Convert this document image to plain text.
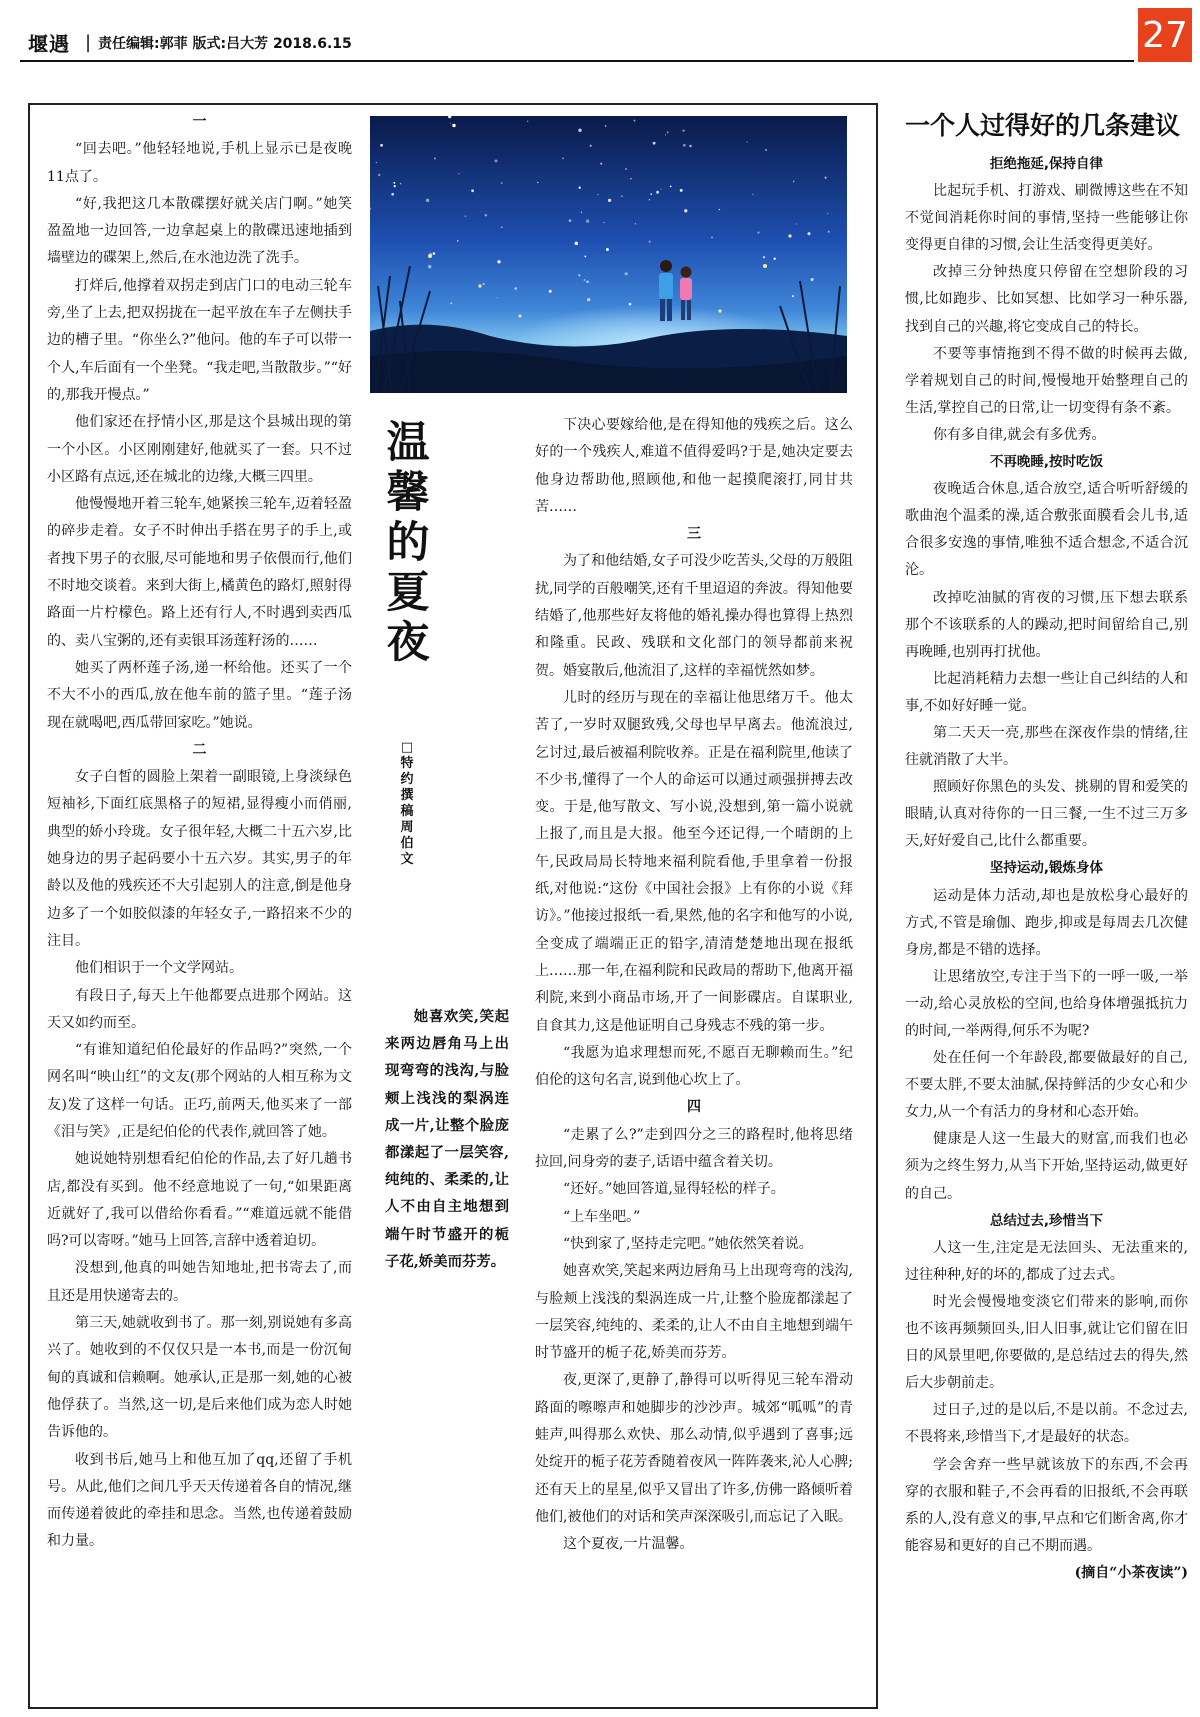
堰遇 | 责任编辑:郭菲 版式:吕大芳 2018.6.15	27

一

“回去吧。”他轻轻地说,手机上显示已是夜晚11点了。

“好,我把这几本散碟摆好就关店门啊。”她笑盈盈地一边回答,一边拿起桌上的散碟迅速地插到墙壁边的碟架上,然后,在水池边洗了洗手。

打烊后,他撑着双拐走到店门口的电动三轮车旁,坐了上去,把双拐拢在一起平放在车子左侧扶手边的槽子里。“你坐么?”他问。他的车子可以带一个人,车后面有一个坐凳。“我走吧,当散散步。”“好的,那我开慢点。”

他们家还在抒情小区,那是这个县城出现的第一个小区。小区刚刚建好,他就买了一套。只不过小区路有点远,还在城北的边缘,大概三四里。

他慢慢地开着三轮车,她紧挨三轮车,迈着轻盈的碎步走着。女子不时伸出手搭在男子的手上,或者拽下男子的衣服,尽可能地和男子依偎而行,他们不时地交谈着。来到大街上,橘黄色的路灯,照射得路面一片柠檬色。路上还有行人,不时遇到卖西瓜的、卖八宝粥的,还有卖银耳汤莲籽汤的……

她买了两杯莲子汤,递一杯给他。还买了一个不大不小的西瓜,放在他车前的篮子里。“莲子汤现在就喝吧,西瓜带回家吃。”她说。

二

女子白皙的圆脸上架着一副眼镜,上身淡绿色短袖衫,下面红底黑格子的短裙,显得瘦小而俏丽,典型的娇小玲珑。女子很年轻,大概二十五六岁,比她身边的男子起码要小十五六岁。其实,男子的年龄以及他的残疾还不大引起别人的注意,倒是他身边多了一个如胶似漆的年轻女子,一路招来不少的注目。

他们相识于一个文学网站。

有段日子,每天上午他都要点进那个网站。这天又如约而至。

“有谁知道纪伯伦最好的作品吗?”突然,一个网名叫“映山红”的文友(那个网站的人相互称为文友)发了这样一句话。正巧,前两天,他买来了一部《泪与笑》,正是纪伯伦的代表作,就回答了她。

她说她特别想看纪伯伦的作品,去了好几趟书店,都没有买到。他不经意地说了一句,“如果距离近就好了,我可以借给你看看。”“难道远就不能借吗?可以寄呀。”她马上回答,言辞中透着迫切。

没想到,他真的叫她告知地址,把书寄去了,而且还是用快递寄去的。

第三天,她就收到书了。那一刻,别说她有多高兴了。她收到的不仅仅只是一本书,而是一份沉甸甸的真诚和信赖啊。她承认,正是那一刻,她的心被他俘获了。当然,这一切,是后来他们成为恋人时她告诉他的。

收到书后,她马上和他互加了qq,还留了手机号。从此,他们之间几乎天天传递着各自的情况,继而传递着彼此的牵挂和思念。当然,也传递着鼓励和力量。

温馨的夏夜
□特约撰稿 周伯文

她喜欢笑,笑起来两边唇角马上出现弯弯的浅沟,与脸颊上浅浅的梨涡连成一片,让整个脸庞都漾起了一层笑容,纯纯的、柔柔的,让人不由自主地想到端午时节盛开的栀子花,娇美而芬芳。

下决心要嫁给他,是在得知他的残疾之后。这么好的一个残疾人,难道不值得爱吗?于是,她决定要去他身边帮助他,照顾他,和他一起摸爬滚打,同甘共苦……

三

为了和他结婚,女子可没少吃苦头,父母的万般阻扰,同学的百般嘲笑,还有千里迢迢的奔波。得知他要结婚了,他那些好友将他的婚礼操办得也算得上热烈和隆重。民政、残联和文化部门的领导都前来祝贺。婚宴散后,他流泪了,这样的幸福恍然如梦。

儿时的经历与现在的幸福让他思绪万千。他太苦了,一岁时双腿致残,父母也早早离去。他流浪过,乞讨过,最后被福利院收养。正是在福利院里,他读了不少书,懂得了一个人的命运可以通过顽强拼搏去改变。于是,他写散文、写小说,没想到,第一篇小说就上报了,而且是大报。他至今还记得,一个晴朗的上午,民政局局长特地来福利院看他,手里拿着一份报纸,对他说:“这份《中国社会报》上有你的小说《拜访》。”他接过报纸一看,果然,他的名字和他写的小说,全变成了端端正正的铅字,清清楚楚地出现在报纸上……那一年,在福利院和民政局的帮助下,他离开福利院,来到小商品市场,开了一间影碟店。自谋职业,自食其力,这是他证明自己身残志不残的第一步。

“我愿为追求理想而死,不愿百无聊赖而生。”纪伯伦的这句名言,说到他心坎上了。

四

“走累了么?”走到四分之三的路程时,他将思绪拉回,问身旁的妻子,话语中蕴含着关切。

“还好。”她回答道,显得轻松的样子。

“上车坐吧。”

“快到家了,坚持走完吧。”她依然笑着说。

她喜欢笑,笑起来两边唇角马上出现弯弯的浅沟,与脸颊上浅浅的梨涡连成一片,让整个脸庞都漾起了一层笑容,纯纯的、柔柔的,让人不由自主地想到端午时节盛开的栀子花,娇美而芬芳。

夜,更深了,更静了,静得可以听得见三轮车滑动路面的嚓嚓声和她脚步的沙沙声。城郊“呱呱”的青蛙声,叫得那么欢快、那么动情,似乎遇到了喜事;远处绽开的栀子花芳香随着夜风一阵阵袭来,沁人心脾;还有天上的星星,似乎又冒出了许多,仿佛一路倾听着他们,被他们的对话和笑声深深吸引,而忘记了入眠。

这个夏夜,一片温馨。

一个人过得好的几条建议

拒绝拖延,保持自律

比起玩手机、打游戏、刷微博这些在不知不觉间消耗你时间的事情,坚持一些能够让你变得更自律的习惯,会让生活变得更美好。

改掉三分钟热度只停留在空想阶段的习惯,比如跑步、比如冥想、比如学习一种乐器,找到自己的兴趣,将它变成自己的特长。

不要等事情拖到不得不做的时候再去做,学着规划自己的时间,慢慢地开始整理自己的生活,掌控自己的日常,让一切变得有条不紊。

你有多自律,就会有多优秀。

不再晚睡,按时吃饭

夜晚适合休息,适合放空,适合听听舒缓的歌曲泡个温柔的澡,适合敷张面膜看会儿书,适合很多安逸的事情,唯独不适合想念,不适合沉沦。

改掉吃油腻的宵夜的习惯,压下想去联系那个不该联系的人的躁动,把时间留给自己,别再晚睡,也别再打扰他。

比起消耗精力去想一些让自己纠结的人和事,不如好好睡一觉。

第二天天一亮,那些在深夜作祟的情绪,往往就消散了大半。

照顾好你黑色的头发、挑剔的胃和爱笑的眼睛,认真对待你的一日三餐,一生不过三万多天,好好爱自己,比什么都重要。

坚持运动,锻炼身体

运动是体力活动,却也是放松身心最好的方式,不管是瑜伽、跑步,抑或是每周去几次健身房,都是不错的选择。

让思绪放空,专注于当下的一呼一吸,一举一动,给心灵放松的空间,也给身体增强抵抗力的时间,一举两得,何乐不为呢?

处在任何一个年龄段,都要做最好的自己,不要太胖,不要太油腻,保持鲜活的少女心和少女力,从一个有活力的身材和心态开始。

健康是人这一生最大的财富,而我们也必须为之终生努力,从当下开始,坚持运动,做更好的自己。

总结过去,珍惜当下

人这一生,注定是无法回头、无法重来的,过往种种,好的坏的,都成了过去式。

时光会慢慢地变淡它们带来的影响,而你也不该再频频回头,旧人旧事,就让它们留在旧日的风景里吧,你要做的,是总结过去的得失,然后大步朝前走。

过日子,过的是以后,不是以前。不念过去,不畏将来,珍惜当下,才是最好的状态。

学会舍弃一些早就该放下的东西,不会再穿的衣服和鞋子,不会再看的旧报纸,不会再联系的人,没有意义的事,早点和它们断舍离,你才能容易和更好的自己不期而遇。

(摘自“小茶夜读”)
